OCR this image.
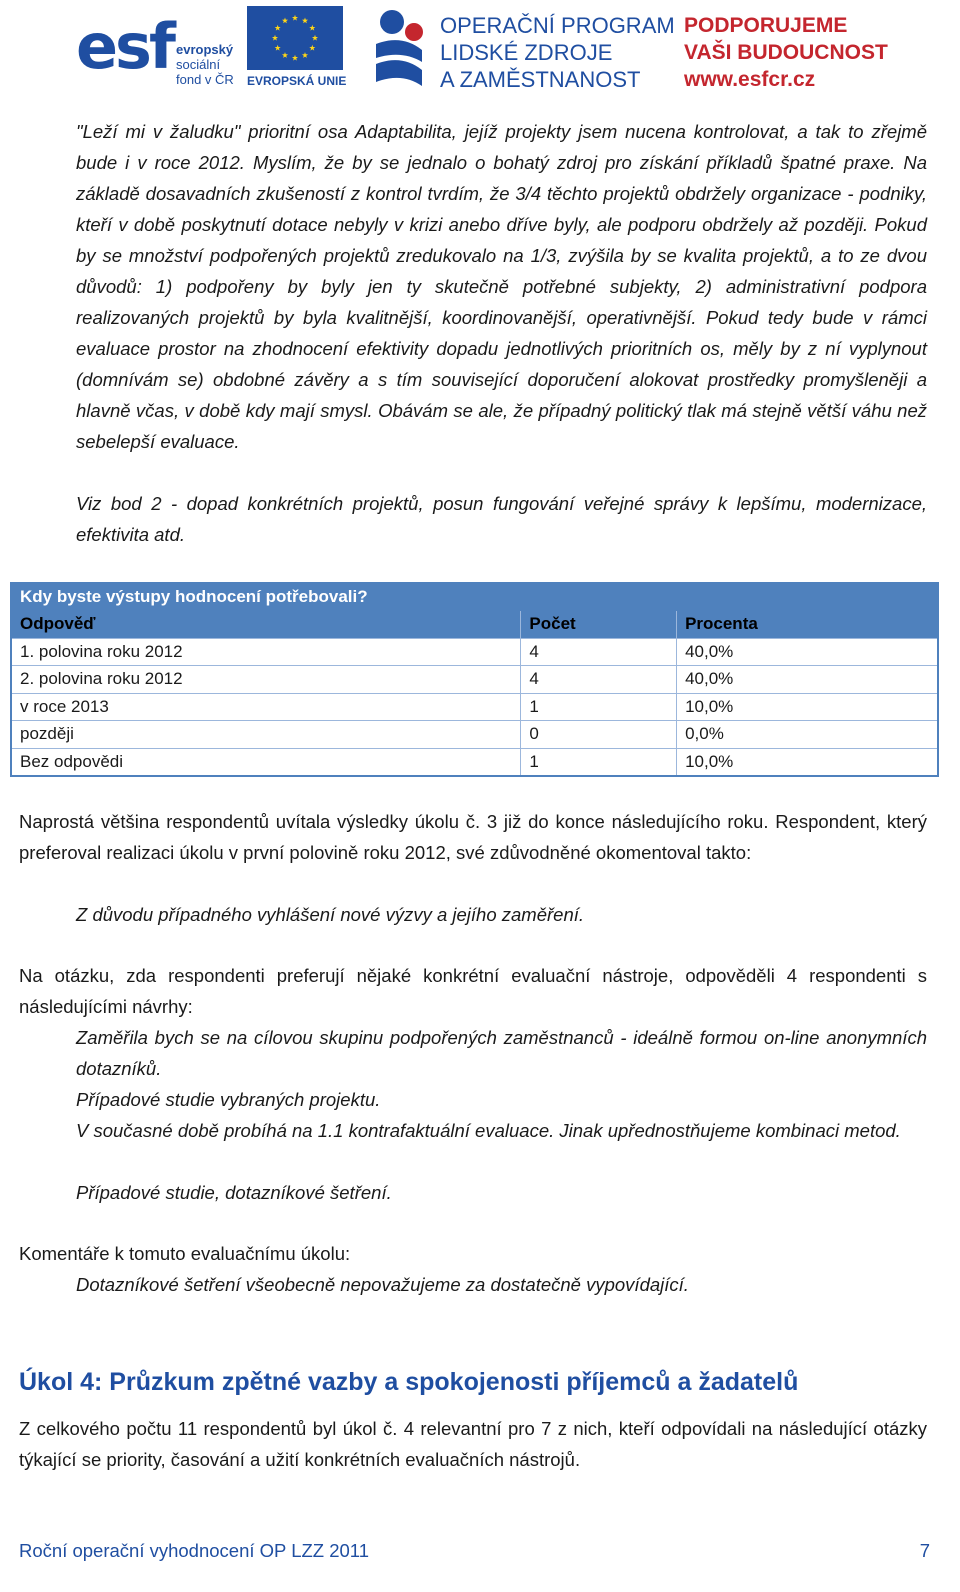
esf evropský
sociální
fond v ČR	EVROPSKÁ UNIE
OPERAČNÍ PROGRAM
LIDSKÉ ZDROJE
A ZAMĚSTNANOST
PODPORUJEME
VAŠI BUDOUCNOST
www.esfcr.cz
"Leží mi v žaludku" prioritní osa Adaptabilita, jejíž projekty jsem nucena kontrolovat, a tak to zřejmě bude i v roce 2012. Myslím, že by se jednalo o bohatý zdroj pro získání příkladů špatné praxe. Na základě dosavadních zkušeností z kontrol tvrdím, že 3/4 těchto projektů obdržely organizace - podniky, kteří v době poskytnutí dotace nebyly v krizi anebo dříve byly, ale podporu obdržely až později. Pokud by se množství podpořených projektů zredukovalo na 1/3, zvýšila by se kvalita projektů, a to ze dvou důvodů: 1) podpořeny by byly jen ty skutečně potřebné subjekty, 2) administrativní podpora realizovaných projektů by byla kvalitnější, koordinovanější, operativnější. Pokud tedy bude v rámci evaluace prostor na zhodnocení efektivity dopadu jednotlivých prioritních os, měly by z ní vyplynout (domnívám se) obdobné závěry a s tím související doporučení alokovat prostředky promyšleněji a hlavně včas, v době kdy mají smysl. Obávám se ale, že případný politický tlak má stejně větší váhu než sebelepší evaluace.
Viz bod 2 - dopad konkrétních projektů, posun fungování veřejné správy k lepšímu, modernizace, efektivita atd.
Kdy byste výstupy hodnocení potřebovali?		
Odpověď	Počet	Procenta
1. polovina roku 2012	4	40,0%
2. polovina roku 2012	4	40,0%
v roce 2013	1	10,0%
později	0	0,0%
Bez odpovědi	1	10,0%
Naprostá většina respondentů uvítala výsledky úkolu č. 3 již do konce následujícího roku. Respondent, který preferoval realizaci úkolu v první polovině roku 2012, své zdůvodněné okomentoval takto:
Z důvodu případného vyhlášení nové výzvy a jejího zaměření.
Na otázku, zda respondenti preferují nějaké konkrétní evaluační nástroje, odpověděli 4 respondenti s následujícími návrhy:
Zaměřila bych se na cílovou skupinu podpořených zaměstnanců - ideálně formou on-line anonymních dotazníků.
Případové studie vybraných projektu.
V současné době probíhá na 1.1 kontrafaktuální evaluace. Jinak upřednostňujeme kombinaci metod.
Případové studie, dotazníkové šetření.
Komentáře k tomuto evaluačnímu úkolu:
Dotazníkové šetření všeobecně nepovažujeme za dostatečně vypovídající.
Úkol 4: Průzkum zpětné vazby a spokojenosti příjemců a žadatelů
Z celkového počtu 11 respondentů byl úkol č. 4 relevantní pro 7 z nich, kteří odpovídali na následující otázky týkající se priority, časování a užití konkrétních evaluačních nástrojů.
Roční operační vyhodnocení OP LZZ 2011	7
